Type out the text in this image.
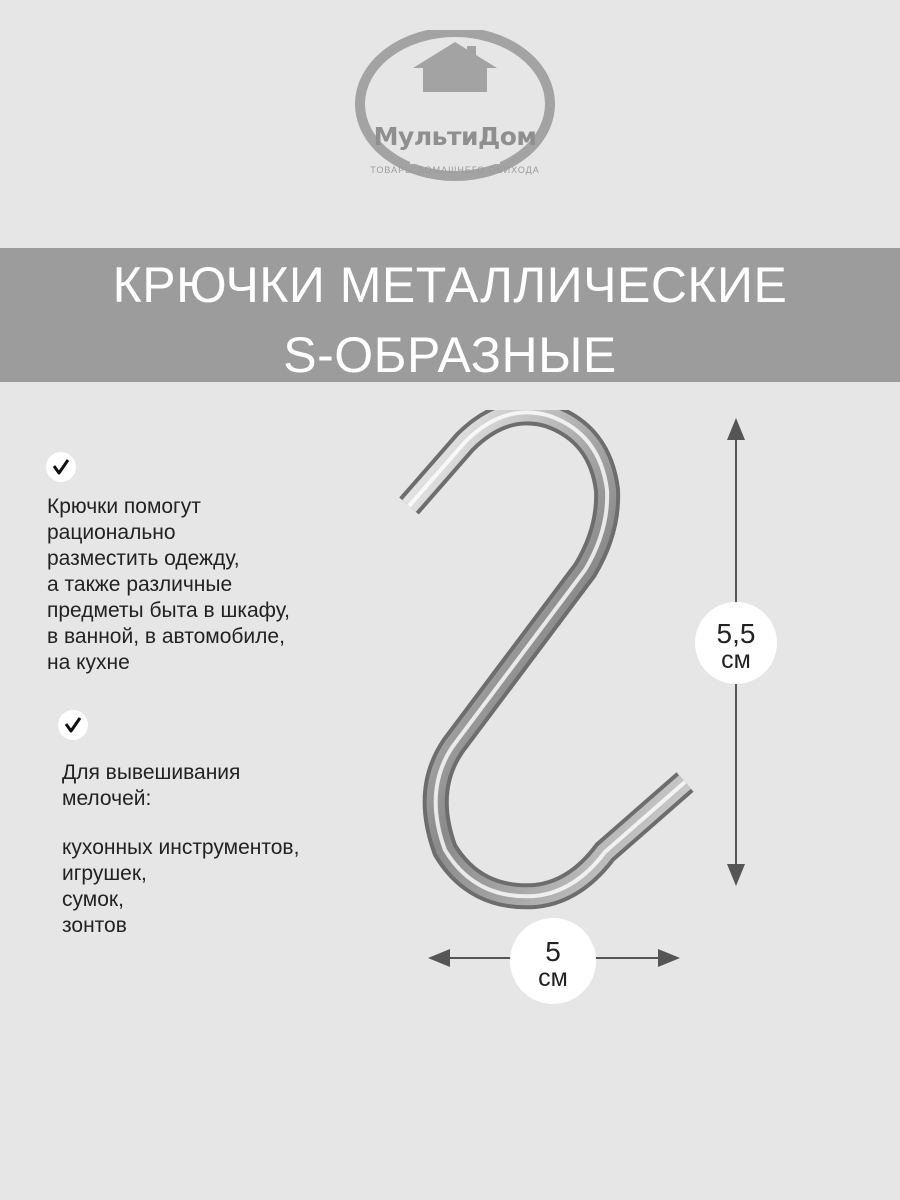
МультиДом
ТОВАРЫ ДОМАШНЕГО ОБИХОДА
КРЮЧКИ МЕТАЛЛИЧЕСКИЕ
S-ОБРАЗНЫЕ
Крючки помогут
рационально
разместить одежду,
а также различные
предметы быта в шкафу,
в ванной, в автомобиле,
на кухне
Для вывешивания
мелочей:
кухонных инструментов,
игрушек,
сумок,
зонтов
5,5
см
5
см
